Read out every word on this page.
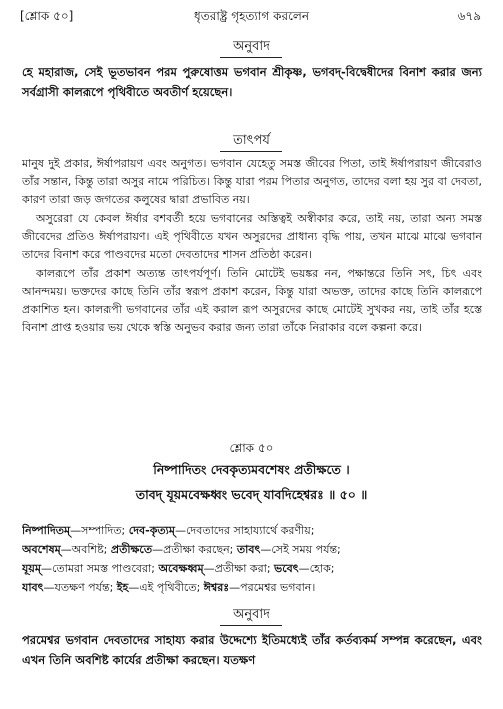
[শ্লোক ৫০]	ধৃতরাষ্ট্র গৃহত্যাগ করলেন	৬৭৯
অনুবাদ

হে মহারাজ, সেই ভূতভাবন পরম পুরুষোত্তম ভগবান শ্রীকৃষ্ণ, ভগবদ্‌-বিদ্বেষীদের বিনাশ করার জন্য সর্বগ্রাসী কালরূপে পৃথিবীতে অবতীর্ণ হয়েছেন।

তাৎপর্য

মানুষ দুই প্রকার, ঈর্ষাপরায়ণ এবং অনুগত। ভগবান যেহেতু সমস্ত জীবের পিতা, তাই ঈর্ষাপরায়ণ জীবেরাও তাঁর সন্তান, কিন্তু তারা অসুর নামে পরিচিত। কিন্তু যারা পরম পিতার অনুগত, তাদের বলা হয় সুর বা দেবতা, কারণ তারা জড় জগতের কলুষের দ্বারা প্রভাবিত নয়।

অসুরেরা যে কেবল ঈর্ষার বশবর্তী হয়ে ভগবানের অস্তিত্বই অস্বীকার করে, তাই নয়, তারা অন্য সমস্ত জীবেদের প্রতিও ঈর্ষাপরায়ণ। এই পৃথিবীতে যখন অসুরদের প্রাধান্য বৃদ্ধি পায়, তখন মাঝে মাঝে ভগবান তাদের বিনাশ করে পাণ্ডবদের মতো দেবতাদের শাসন প্রতিষ্ঠা করেন।

কালরূপে তাঁর প্রকাশ অত্যন্ত তাৎপর্যপূর্ণ। তিনি মোটেই ভয়ঙ্কর নন, পক্ষান্তরে তিনি সৎ, চিৎ এবং আনন্দময়। ভক্তদের কাছে তিনি তাঁর স্বরূপ প্রকাশ করেন, কিন্তু যারা অভক্ত, তাদের কাছে তিনি কালরূপে প্রকাশিত হন। কালরূপী ভগবানের তাঁর এই করাল রূপ অসুরদের কাছে মোটেই সুখকর নয়, তাই তাঁর হস্তে বিনাশ প্রাপ্ত হওয়ার ভয় থেকে স্বস্তি অনুভব করার জন্য তারা তাঁকে নিরাকার বলে কল্পনা করে।

শ্লোক ৫০
নিষ্পাদিতং দেবকৃত্যমবশেষং প্রতীক্ষতে ।
তাবদ্ যূয়মবেক্ষধ্বং ভবেদ্ যাবদিহেশ্বরঃ ॥ ৫০ ॥
নিষ্পাদিতম্—সম্পাদিত; দেব-কৃত্যম্—দেবতাদের সাহায্যার্থে করণীয়;
অবশেষম্—অবশিষ্ট; প্রতীক্ষতে—প্রতীক্ষা করছেন; তাবৎ—সেই সময় পর্যন্ত;
যূয়ম্—তোমরা সমস্ত পাণ্ডবেরা; অবেক্ষধ্বম্—প্রতীক্ষা করা; ভবেৎ—হোক;
যাবৎ—যতক্ষণ পর্যন্ত; ইহ—এই পৃথিবীতে; ঈশ্বরঃ—পরমেশ্বর ভগবান।
অনুবাদ

পরমেশ্বর ভগবান দেবতাদের সাহায্য করার উদ্দেশ্যে ইতিমধ্যেই তাঁর কর্তব্যকর্ম সম্পন্ন করেছেন, এবং এখন তিনি অবশিষ্ট কার্যের প্রতীক্ষা করছেন। যতক্ষণ
